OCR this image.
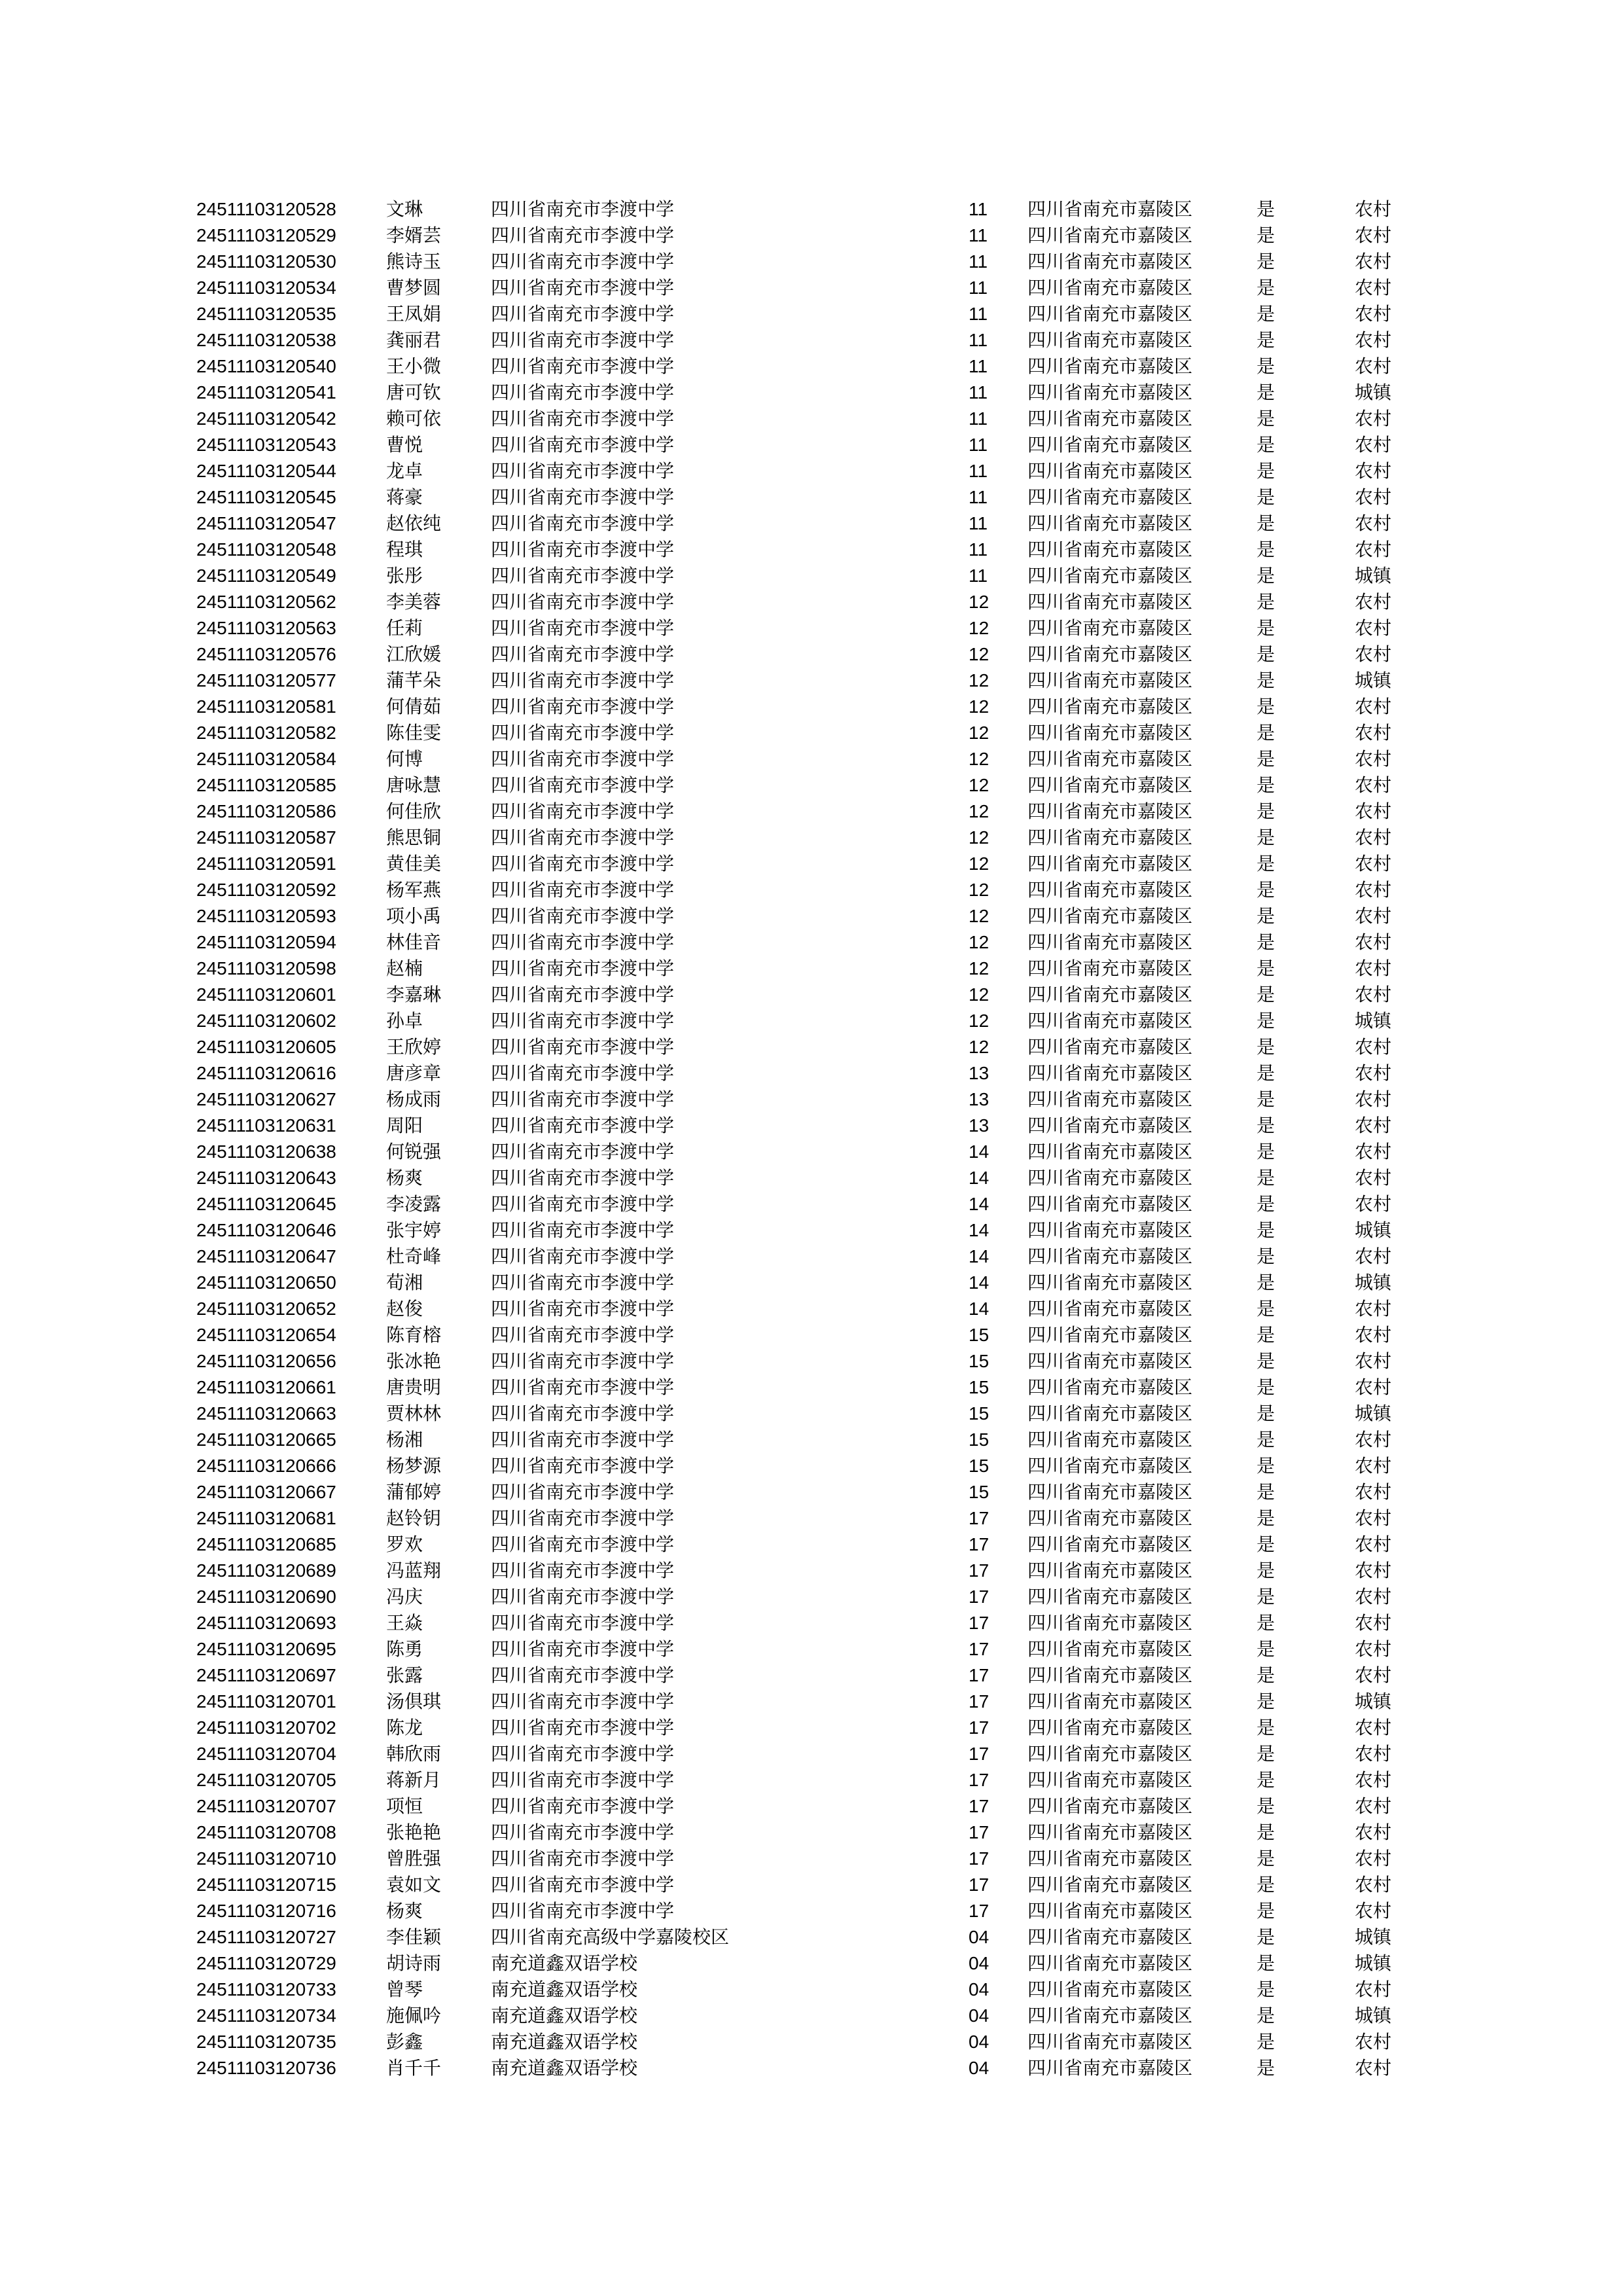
24511103120528	文琳	四川省南充市李渡中学	11 四川省南充市嘉陵区	是	农村
24511103120529	李婿芸	四川省南充市李渡中学	11 四川省南充市嘉陵区	是	农村
24511103120530	熊诗玉	四川省南充市李渡中学	11 四川省南充市嘉陵区	是	农村
24511103120534	曹梦圆	四川省南充市李渡中学	11 四川省南充市嘉陵区	是	农村
24511103120535	王凤娟	四川省南充市李渡中学	11 四川省南充市嘉陵区	是	农村
24511103120538	龚丽君	四川省南充市李渡中学	11 四川省南充市嘉陵区	是	农村
24511103120540	王小微	四川省南充市李渡中学	11 四川省南充市嘉陵区	是	农村
24511103120541	唐可钦	四川省南充市李渡中学	11 四川省南充市嘉陵区	是	城镇
24511103120542	赖可依	四川省南充市李渡中学	11 四川省南充市嘉陵区	是	农村
24511103120543	曹悦	四川省南充市李渡中学	11 四川省南充市嘉陵区	是	农村
24511103120544	龙卓	四川省南充市李渡中学	11 四川省南充市嘉陵区	是	农村
24511103120545	蒋豪	四川省南充市李渡中学	11 四川省南充市嘉陵区	是	农村
24511103120547	赵依纯	四川省南充市李渡中学	11 四川省南充市嘉陵区	是	农村
24511103120548	程琪	四川省南充市李渡中学	11 四川省南充市嘉陵区	是	农村
24511103120549	张彤	四川省南充市李渡中学	11 四川省南充市嘉陵区	是	城镇
24511103120562	李美蓉	四川省南充市李渡中学	12 四川省南充市嘉陵区	是	农村
24511103120563	任莉	四川省南充市李渡中学	12 四川省南充市嘉陵区	是	农村
24511103120576	江欣媛	四川省南充市李渡中学	12 四川省南充市嘉陵区	是	农村
24511103120577	蒲芊朵	四川省南充市李渡中学	12 四川省南充市嘉陵区	是	城镇
24511103120581	何倩茹	四川省南充市李渡中学	12 四川省南充市嘉陵区	是	农村
24511103120582	陈佳雯	四川省南充市李渡中学	12 四川省南充市嘉陵区	是	农村
24511103120584	何博	四川省南充市李渡中学	12 四川省南充市嘉陵区	是	农村
24511103120585	唐咏慧	四川省南充市李渡中学	12 四川省南充市嘉陵区	是	农村
24511103120586	何佳欣	四川省南充市李渡中学	12 四川省南充市嘉陵区	是	农村
24511103120587	熊思铜	四川省南充市李渡中学	12 四川省南充市嘉陵区	是	农村
24511103120591	黄佳美	四川省南充市李渡中学	12 四川省南充市嘉陵区	是	农村
24511103120592	杨军燕	四川省南充市李渡中学	12 四川省南充市嘉陵区	是	农村
24511103120593	项小禹	四川省南充市李渡中学	12 四川省南充市嘉陵区	是	农村
24511103120594	林佳音	四川省南充市李渡中学	12 四川省南充市嘉陵区	是	农村
24511103120598	赵楠	四川省南充市李渡中学	12 四川省南充市嘉陵区	是	农村
24511103120601	李嘉琳	四川省南充市李渡中学	12 四川省南充市嘉陵区	是	农村
24511103120602	孙卓	四川省南充市李渡中学	12 四川省南充市嘉陵区	是	城镇
24511103120605	王欣婷	四川省南充市李渡中学	12 四川省南充市嘉陵区	是	农村
24511103120616	唐彦章	四川省南充市李渡中学	13 四川省南充市嘉陵区	是	农村
24511103120627	杨成雨	四川省南充市李渡中学	13 四川省南充市嘉陵区	是	农村
24511103120631	周阳	四川省南充市李渡中学	13 四川省南充市嘉陵区	是	农村
24511103120638	何锐强	四川省南充市李渡中学	14 四川省南充市嘉陵区	是	农村
24511103120643	杨爽	四川省南充市李渡中学	14 四川省南充市嘉陵区	是	农村
24511103120645	李凌露	四川省南充市李渡中学	14 四川省南充市嘉陵区	是	农村
24511103120646	张宇婷	四川省南充市李渡中学	14 四川省南充市嘉陵区	是	城镇
24511103120647	杜奇峰	四川省南充市李渡中学	14 四川省南充市嘉陵区	是	农村
24511103120650	荀湘	四川省南充市李渡中学	14 四川省南充市嘉陵区	是	城镇
24511103120652	赵俊	四川省南充市李渡中学	14 四川省南充市嘉陵区	是	农村
24511103120654	陈育榕	四川省南充市李渡中学	15 四川省南充市嘉陵区	是	农村
24511103120656	张冰艳	四川省南充市李渡中学	15 四川省南充市嘉陵区	是	农村
24511103120661	唐贵明	四川省南充市李渡中学	15 四川省南充市嘉陵区	是	农村
24511103120663	贾林林	四川省南充市李渡中学	15 四川省南充市嘉陵区	是	城镇
24511103120665	杨湘	四川省南充市李渡中学	15 四川省南充市嘉陵区	是	农村
24511103120666	杨梦源	四川省南充市李渡中学	15 四川省南充市嘉陵区	是	农村
24511103120667	蒲郁婷	四川省南充市李渡中学	15 四川省南充市嘉陵区	是	农村
24511103120681	赵铃钥	四川省南充市李渡中学	17 四川省南充市嘉陵区	是	农村
24511103120685	罗欢	四川省南充市李渡中学	17 四川省南充市嘉陵区	是	农村
24511103120689	冯蓝翔	四川省南充市李渡中学	17 四川省南充市嘉陵区	是	农村
24511103120690	冯庆	四川省南充市李渡中学	17 四川省南充市嘉陵区	是	农村
24511103120693	王焱	四川省南充市李渡中学	17 四川省南充市嘉陵区	是	农村
24511103120695	陈勇	四川省南充市李渡中学	17 四川省南充市嘉陵区	是	农村
24511103120697	张露	四川省南充市李渡中学	17 四川省南充市嘉陵区	是	农村
24511103120701	汤倶琪	四川省南充市李渡中学	17 四川省南充市嘉陵区	是	城镇
24511103120702	陈龙	四川省南充市李渡中学	17 四川省南充市嘉陵区	是	农村
24511103120704	韩欣雨	四川省南充市李渡中学	17 四川省南充市嘉陵区	是	农村
24511103120705	蒋新月	四川省南充市李渡中学	17 四川省南充市嘉陵区	是	农村
24511103120707	项恒	四川省南充市李渡中学	17 四川省南充市嘉陵区	是	农村
24511103120708	张艳艳	四川省南充市李渡中学	17 四川省南充市嘉陵区	是	农村
24511103120710	曾胜强	四川省南充市李渡中学	17 四川省南充市嘉陵区	是	农村
24511103120715	袁如文	四川省南充市李渡中学	17 四川省南充市嘉陵区	是	农村
24511103120716	杨爽	四川省南充市李渡中学	17 四川省南充市嘉陵区	是	农村
24511103120727	李佳颖	四川省南充高级中学嘉陵校区	04 四川省南充市嘉陵区	是	城镇
24511103120729	胡诗雨	南充道鑫双语学校	04 四川省南充市嘉陵区	是	城镇
24511103120733	曾琴	南充道鑫双语学校	04 四川省南充市嘉陵区	是	农村
24511103120734	施佩吟	南充道鑫双语学校	04 四川省南充市嘉陵区	是	城镇
24511103120735	彭鑫	南充道鑫双语学校	04 四川省南充市嘉陵区	是	农村
24511103120736	肖千千	南充道鑫双语学校	04 四川省南充市嘉陵区	是	农村
